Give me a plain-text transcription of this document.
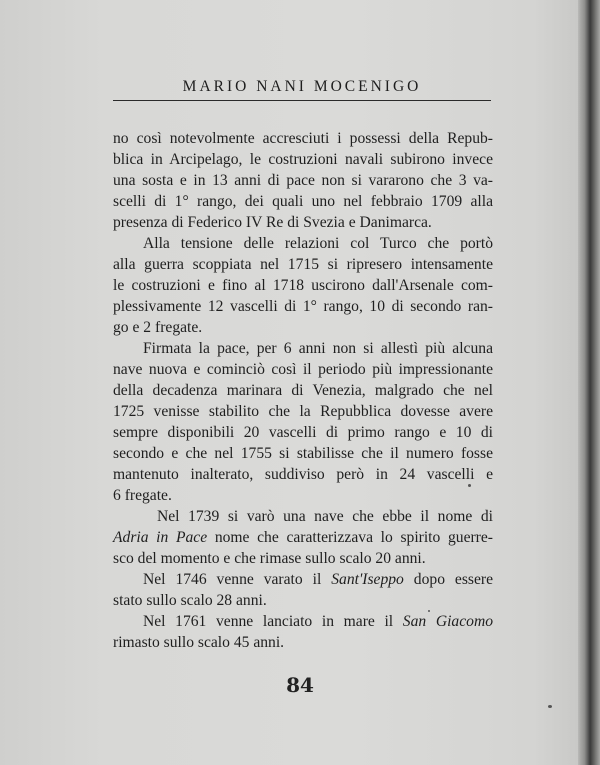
MARIO NANI MOCENIGO
no così notevolmente accresciuti i possessi della Repub-
blica in Arcipelago, le costruzioni navali subirono invece
una sosta e in 13 anni di pace non si vararono che 3 va-
scelli di 1° rango, dei quali uno nel febbraio 1709 alla
presenza di Federico IV Re di Svezia e Danimarca.
Alla tensione delle relazioni col Turco che portò
alla guerra scoppiata nel 1715 si ripresero intensamente
le costruzioni e fino al 1718 uscirono dall'Arsenale com-
plessivamente 12 vascelli di 1° rango, 10 di secondo ran-
go e 2 fregate.
Firmata la pace, per 6 anni non si allestì più alcuna
nave nuova e cominciò così il periodo più impressionante
della decadenza marinara di Venezia, malgrado che nel
1725 venisse stabilito che la Repubblica dovesse avere
sempre disponibili 20 vascelli di primo rango e 10 di
secondo e che nel 1755 si stabilisse che il numero fosse
mantenuto inalterato, suddiviso però in 24 vascelli e
6 fregate.
Nel 1739 si varò una nave che ebbe il nome di
Adria in Pace nome che caratterizzava lo spirito guerre-
sco del momento e che rimase sullo scalo 20 anni.
Nel 1746 venne varato il Sant'Iseppo dopo essere
stato sullo scalo 28 anni.
Nel 1761 venne lanciato in mare il San Giacomo
rimasto sullo scalo 45 anni.
84
